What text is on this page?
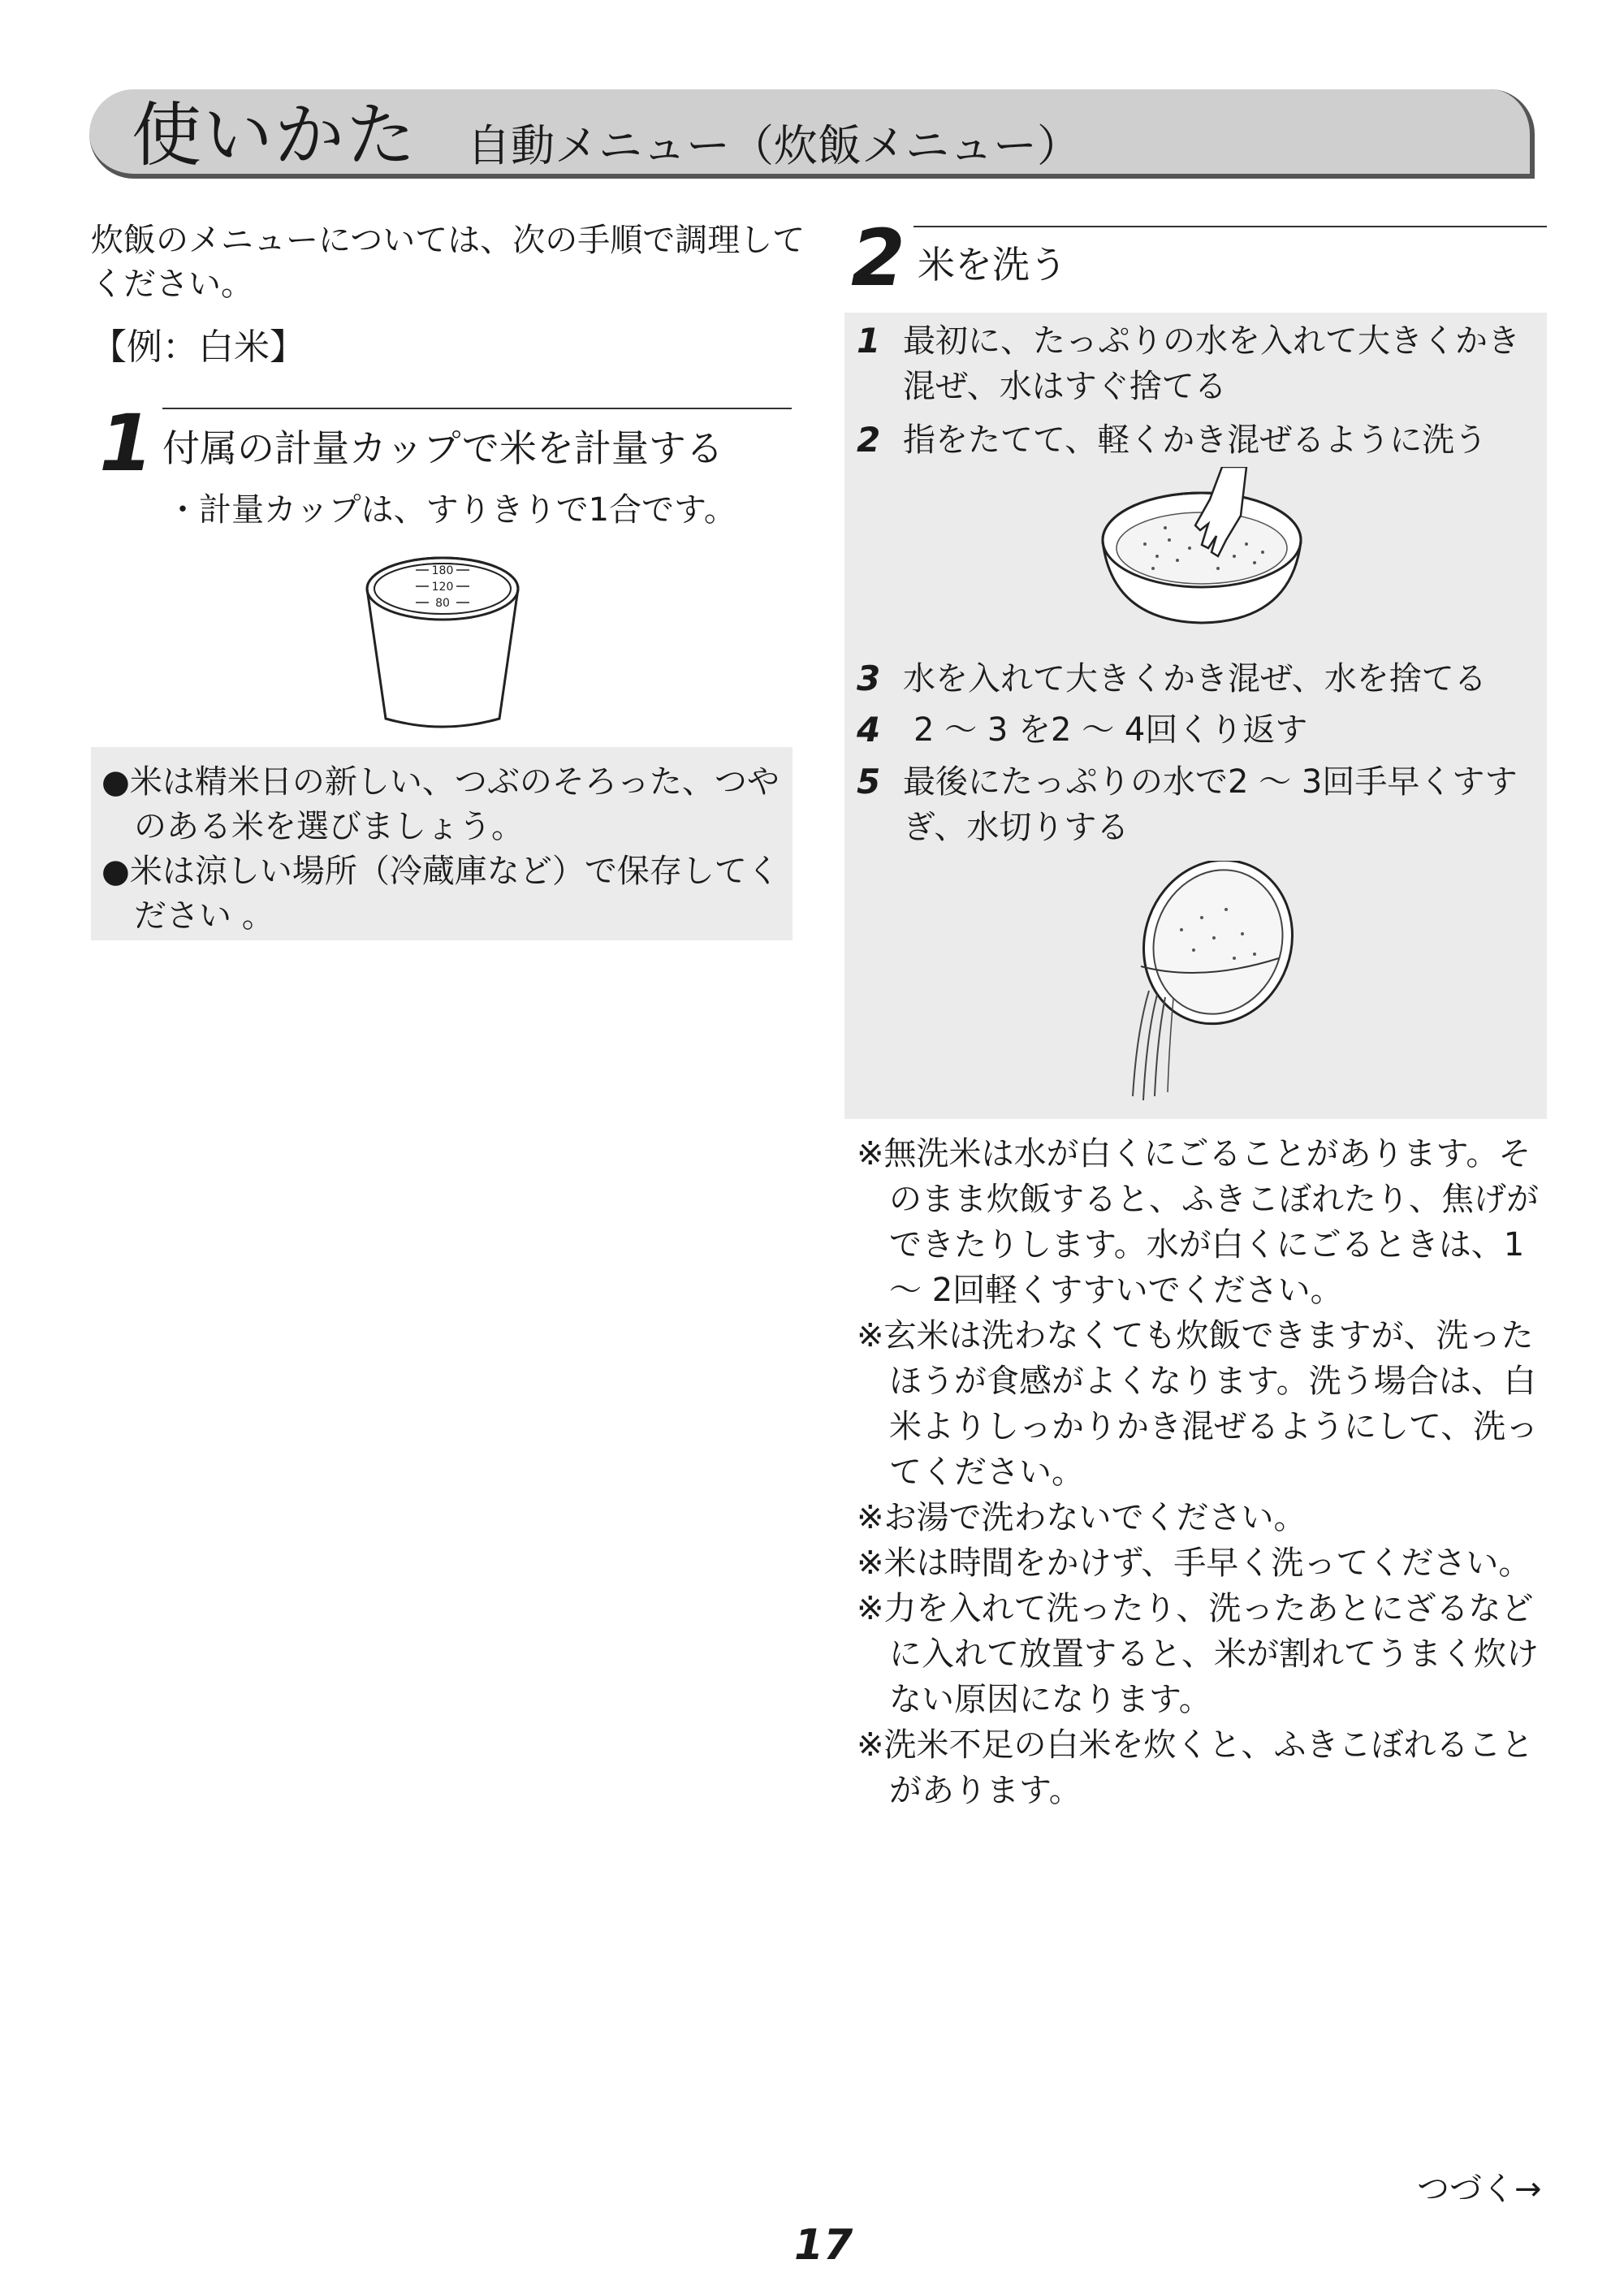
使いかた 自動メニュー（炊飯メニュー）
炊飯のメニューについては、次の手順で調理して
ください。
【例：白米】
1 付属の計量カップで米を計量する
・計量カップは、すりきりで1合です。
180
120
80
●米は精米日の新しい、つぶのそろった、つや
　のある米を選びましょう。
●米は涼しい場所（冷蔵庫など）で保存してく
　ださい 。
2 米を洗う
1 最初に、たっぷりの水を入れて大きくかき
混ぜ、水はすぐ捨てる
2 指をたてて、軽くかき混ぜるように洗う
3 水を入れて大きくかき混ぜ、水を捨てる
4 2 ～ 3 を2 ～ 4回くり返す
5 最後にたっぷりの水で2 ～ 3回手早くすす
ぎ、水切りする
※無洗米は水が白くにごることがあります。そ
　のまま炊飯すると、ふきこぼれたり、焦げが
　できたりします。水が白くにごるときは、1
　～ 2回軽くすすいでください。
※玄米は洗わなくても炊飯できますが、洗った
　ほうが食感がよくなります。洗う場合は、白
　米よりしっかりかき混ぜるようにして、洗っ
　てください。
※お湯で洗わないでください。
※米は時間をかけず、手早く洗ってください。
※力を入れて洗ったり、洗ったあとにざるなど
　に入れて放置すると、米が割れてうまく炊け
　ない原因になります。
※洗米不足の白米を炊くと、ふきこぼれること
　があります。
つづく→
17
